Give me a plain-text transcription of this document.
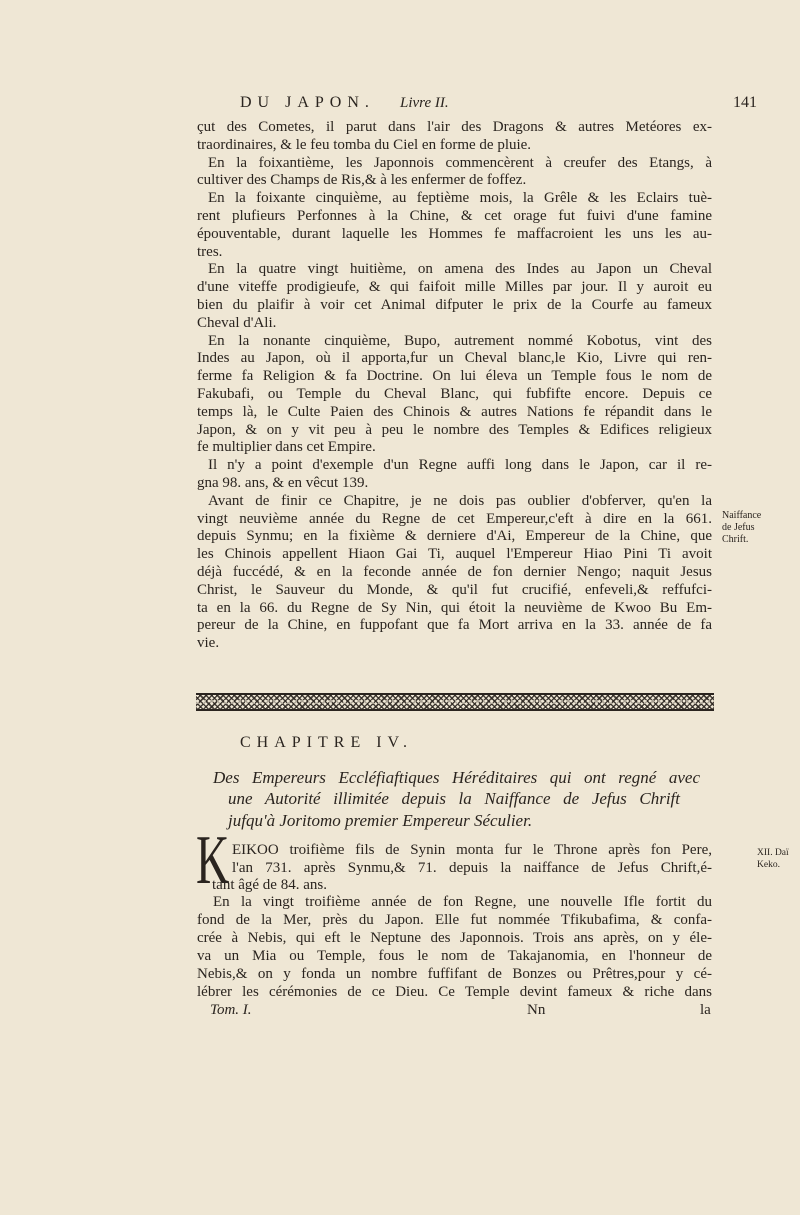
DU JAPON. Livre II.	141
çut des Cometes, il parut dans l'air des Dragons & autres Metéores ex-
traordinaires, & le feu tomba du Ciel en forme de pluie.
En la foixantième, les Japonnois commencèrent à creufer des Etangs, à
cultiver des Champs de Ris,& à les enfermer de foffez.
En la foixante cinquième, au feptième mois, la Grêle & les Eclairs tuè-
rent plufieurs Perfonnes à la Chine, & cet orage fut fuivi d'une famine
épouventable, durant laquelle les Hommes fe maffacroient les uns les au-
tres.
En la quatre vingt huitième, on amena des Indes au Japon un Cheval
d'une viteffe prodigieufe, & qui faifoit mille Milles par jour. Il y auroit eu
bien du plaifir à voir cet Animal difputer le prix de la Courfe au fameux
Cheval d'Ali.
En la nonante cinquième, Bupo, autrement nommé Kobotus, vint des
Indes au Japon, où il apporta,fur un Cheval blanc,le Kio, Livre qui ren-
ferme fa Religion & fa Doctrine. On lui éleva un Temple fous le nom de
Fakubafi, ou Temple du Cheval Blanc, qui fubfifte encore. Depuis ce
temps là, le Culte Paien des Chinois & autres Nations fe répandit dans le
Japon, & on y vit peu à peu le nombre des Temples & Edifices religieux
fe multiplier dans cet Empire.
Il n'y a point d'exemple d'un Regne auffi long dans le Japon, car il re-
gna 98. ans, & en vêcut 139.
Avant de finir ce Chapitre, je ne dois pas oublier d'obferver, qu'en la
vingt neuvième année du Regne de cet Empereur,c'eft à dire en la 661.
depuis Synmu; en la fixième & derniere d'Ai, Empereur de la Chine, que
les Chinois appellent Hiaon Gai Ti, auquel l'Empereur Hiao Pini Ti avoit
déjà fuccédé, & en la feconde année de fon dernier Nengo; naquit Jesus
Christ, le Sauveur du Monde, & qu'il fut crucifié, enfeveli,& reffufci-
ta en la 66. du Regne de Sy Nin, qui étoit la neuvième de Kwoo Bu Em-
pereur de la Chine, en fuppofant que fa Mort arriva en la 33. année de fa
vie.
Naiffance
de Jefus
Chrift.
CHAPITRE IV.
Des Empereurs Eccléfiaftiques Héréditaires qui ont regné avec
une Autorité illimitée depuis la Naiffance de Jefus Chrift
jufqu'à Joritomo premier Empereur Séculier.
K EIKOO troifième fils de Synin monta fur le Throne après fon Pere,
l'an 731. après Synmu,& 71. depuis la naiffance de Jefus Chrift,é-
tant âgé de 84. ans.
XII. Daï
Keko.
En la vingt troifième année de fon Regne, une nouvelle Ifle fortit du
fond de la Mer, près du Japon. Elle fut nommée Tfikubafima, & confa-
crée à Nebis, qui eft le Neptune des Japonnois. Trois ans après, on y éle-
va un Mia ou Temple, fous le nom de Takajanomia, en l'honneur de
Nebis,& on y fonda un nombre fuffifant de Bonzes ou Prêtres,pour y cé-
lébrer les cérémonies de ce Dieu. Ce Temple devint fameux & riche dans
Tom. I.	Nn	la
